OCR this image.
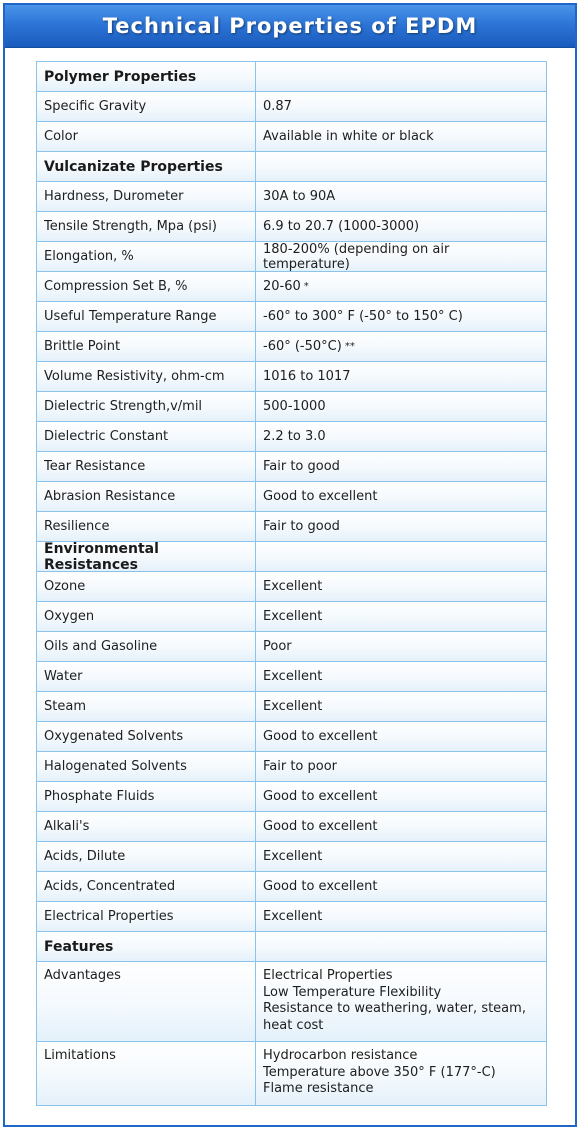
Technical Properties of EPDM
Polymer Properties
Specific Gravity	0.87
Color	Available in white or black
Vulcanizate Properties
Hardness, Durometer	30A to 90A
Tensile Strength, Mpa (psi)	6.9 to 20.7 (1000-3000)
Elongation, %	180-200% (depending on air temperature)
Compression Set B, %	20-60 *
Useful Temperature Range	-60° to 300° F (-50° to 150° C)
Brittle Point	-60° (-50°C) **
Volume Resistivity, ohm-cm	1016 to 1017
Dielectric Strength,v/mil	500-1000
Dielectric Constant	2.2 to 3.0
Tear Resistance	Fair to good
Abrasion Resistance	Good to excellent
Resilience	Fair to good
Environmental Resistances
Ozone	Excellent
Oxygen	Excellent
Oils and Gasoline	Poor
Water	Excellent
Steam	Excellent
Oxygenated Solvents	Good to excellent
Halogenated Solvents	Fair to poor
Phosphate Fluids	Good to excellent
Alkali's	Good to excellent
Acids, Dilute	Excellent
Acids, Concentrated	Good to excellent
Electrical Properties	Excellent
Features
Advantages	Electrical Properties
Low Temperature Flexibility
Resistance to weathering, water, steam,
heat cost
Limitations	Hydrocarbon resistance
Temperature above 350° F (177°-C)
Flame resistance
